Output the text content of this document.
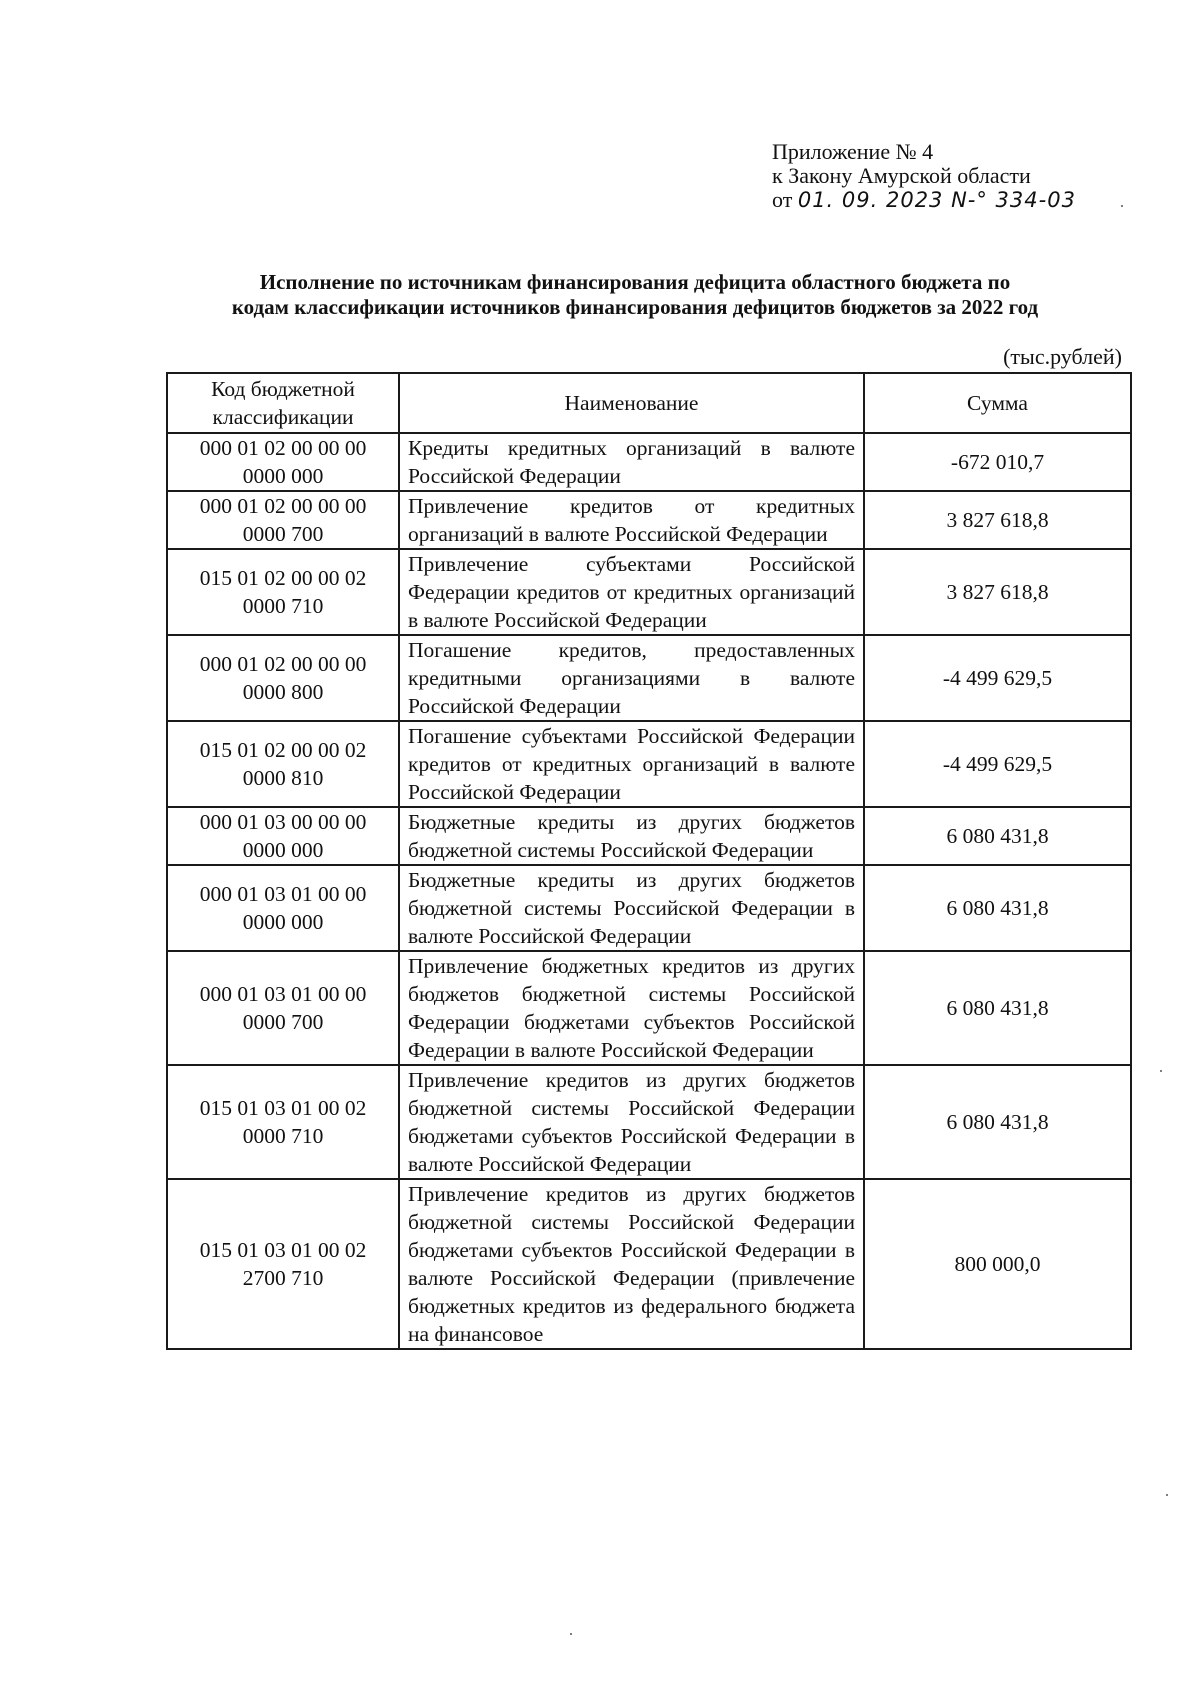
Приложение № 4
к Закону Амурской области
от 01. 09. 2023 N-° 334-03
Исполнение по источникам финансирования дефицита областного бюджета по
кодам классификации источников финансирования дефицитов бюджетов за 2022 год
(тыс.рублей)
Код бюджетной классификации	Наименование	Сумма
000 01 02 00 00 00 0000 000	Кредиты кредитных организаций в валюте Российской Федерации	-672 010,7
000 01 02 00 00 00 0000 700	Привлечение кредитов от кредитных организаций в валюте Российской Федерации	3 827 618,8
015 01 02 00 00 02 0000 710	Привлечение субъектами Российской Федерации кредитов от кредитных организаций в валюте Российской Федерации	3 827 618,8
000 01 02 00 00 00 0000 800	Погашение кредитов, предоставленных кредитными организациями в валюте Российской Федерации	-4 499 629,5
015 01 02 00 00 02 0000 810	Погашение субъектами Российской Федерации кредитов от кредитных организаций в валюте Российской Федерации	-4 499 629,5
000 01 03 00 00 00 0000 000	Бюджетные кредиты из других бюджетов бюджетной системы Российской Федерации	6 080 431,8
000 01 03 01 00 00 0000 000	Бюджетные кредиты из других бюджетов бюджетной системы Российской Федерации в валюте Российской Федерации	6 080 431,8
000 01 03 01 00 00 0000 700	Привлечение бюджетных кредитов из других бюджетов бюджетной системы Российской Федерации бюджетами субъектов Российской Федерации в валюте Российской Федерации	6 080 431,8
015 01 03 01 00 02 0000 710	Привлечение кредитов из других бюджетов бюджетной системы Российской Федерации бюджетами субъектов Российской Федерации в валюте Российской Федерации	6 080 431,8
015 01 03 01 00 02 2700 710	Привлечение кредитов из других бюджетов бюджетной системы Российской Федерации бюджетами субъектов Российской Федерации в валюте Российской Федерации (привлечение бюджетных кредитов из федерального бюджета на финансовое	800 000,0
